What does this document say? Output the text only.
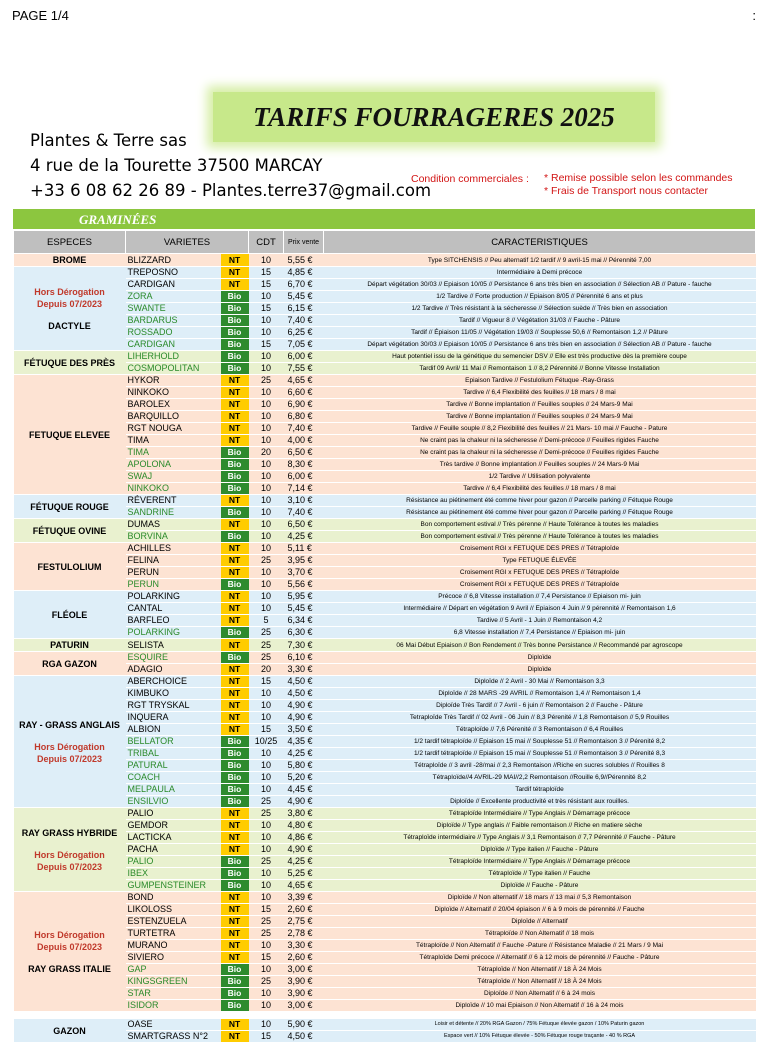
PAGE 1/4	:
TARIFS FOURRAGERES 2025
Plantes & Terre sas
4 rue de la Tourette 37500 MARCAY
+33 6 08 62 26 89 - Plantes.terre37@gmail.com
Condition commerciales : * Remise possible selon les commandes
* Frais de Transport nous contacter
GRAMINÉES
ESPECES	VARIETES		CDT	Prix vente	CARACTERISTIQUES

BROME	BLIZZARD	NT	10	5,55 €	Type SITCHENSIS // Peu alternatif 1/2 tardif // 9 avril-15 mai // Pérennité 7,00

Hors Dérogation
Depuis 07/2023
DACTYLE	TREPOSNO	NT	15	4,85 €	Intermédiaire à Demi précoce
	CARDIGAN	NT	15	6,70 €	Départ végétation 30/03 // Epiaison 10/05 // Persistance 6 ans très bien en association // Sélection AB // Pature - fauche
	ZORA	Bio	10	5,45 €	1/2 Tardive // Forte production // Epiaison 8/05 // Pérennité 6 ans et plus
	SWANTE	Bio	15	6,15 €	1/2 Tardive // Très résistant à la sécheresse // Sélection suède // Très bien en association
	BARDARUS	Bio	10	7,40 €	Tardif // Vigueur 8 // Végétation 31/03 // Fauche - Pâture
	ROSSADO	Bio	10	6,25 €	Tardif // Épiaison 11/05 // Végétation 19/03 // Souplesse 50,6 // Remontaison 1,2 // Pâture
	CARDIGAN	Bio	15	7,05 €	Départ végétation 30/03 // Epiaison 10/05 // Persistance 6 ans très bien en association // Sélection AB // Pature - fauche

FÉTUQUE DES PRÈS	LIHERHOLD	Bio	10	6,00 €	Haut potentiel issu de la génétique du semencier DSV // Elle est très productive dès la première coupe
	COSMOPOLITAN	Bio	10	7,55 €	Tardif 09 Avril/ 11 Mai // Remontaison 1 // 8,2 Pérennité // Bonne Vitesse Installation

FETUQUE ELEVEE	HYKOR	NT	25	4,65 €	Epiaison Tardive // Festulolium Fétuque -Ray-Grass
	NINKOKO	NT	10	6,60 €	Tardive // 6,4 Flexibilité des feuilles // 18 mars / 8 mai
	BAROLEX	NT	10	6,90 €	Tardive // Bonne implantation // Feuilles souples // 24 Mars-9 Mai
	BARQUILLO	NT	10	6,80 €	Tardive // Bonne implantation // Feuilles souples // 24 Mars-9 Mai
	RGT NOUGA	NT	10	7,40 €	Tardive // Feuille souple // 8,2 Flexibilité des feuilles // 21 Mars- 10 mai // Fauche - Pature
	TIMA	NT	10	4,00 €	Ne craint pas la chaleur ni la sécheresse // Demi-précoce // Feuilles rigides Fauche
	TIMA	Bio	20	6,50 €	Ne craint pas la chaleur ni la sécheresse // Demi-précoce // Feuilles rigides Fauche
	APOLONA	Bio	10	8,30 €	Très tardive // Bonne implantation // Feuilles souples // 24 Mars-9 Mai
	SWAJ	Bio	10	6,00 €	1/2 Tardive // Utilisation polyvalente
	NINKOKO	Bio	10	7,14 €	Tardive // 6,4 Flexibilité des feuilles // 18 mars / 8 mai

FÉTUQUE ROUGE	RÉVERENT	NT	10	3,10 €	Résistance au piétinement été comme hiver pour gazon // Parcelle parking // Fétuque Rouge
	SANDRINE	Bio	10	7,40 €	Résistance au piétinement été comme hiver pour gazon // Parcelle parking // Fétuque Rouge

FÉTUQUE OVINE	DUMAS	NT	10	6,50 €	Bon comportement estival // Très pérenne // Haute Tolérance à toutes les maladies
	BORVINA	Bio	10	4,25 €	Bon comportement estival // Très pérenne // Haute Tolérance à toutes les maladies

FESTULOLIUM	ACHILLES	NT	10	5,11 €	Croisement RGI x FETUQUE DES PRES // Tétraploïde
	FELINA	NT	25	3,95 €	Type FETUQUE ÉLEVÉE
	PERUN	NT	10	3,70 €	Croisement RGI x FETUQUE DES PRES // Tétraploïde
	PERUN	Bio	10	5,56 €	Croisement RGI x FETUQUE DES PRES // Tétraploïde

FLÉOLE	POLARKING	NT	10	5,95 €	Précoce // 6,8 Vitesse installation // 7,4 Persistance // Epiaison mi- juin
	CANTAL	NT	10	5,45 €	Intermédiaire // Départ en végétation 9 Avril // Epiaison 4 Juin // 9 pérennité // Remontaison 1,6
	BARFLEO	NT	5	6,34 €	Tardive // 5 Avril - 1 Juin // Remontaison 4,2
	POLARKING	Bio	25	6,30 €	6,8 Vitesse installation // 7,4 Persistance // Epiaison mi- juin

PATURIN	SELISTA	NT	25	7,30 €	06 Mai Début Epiaison // Bon Rendement // Très bonne Persistance // Recommandé par agroscope

RGA GAZON	ESQUIRE	Bio	25	6,10 €	Diploïde
	ADAGIO	NT	20	3,30 €	Diploïde

RAY - GRASS ANGLAIS
Hors Dérogation
Depuis 07/2023	ABERCHOICE	NT	15	4,50 €	Diploïde // 2 Avril - 30 Mai // Remontaison 3,3
	KIMBUKO	NT	10	4,50 €	Diploïde // 28 MARS -29 AVRIL // Remontaison 1,4 // Remontaison 1,4
	RGT TRYSKAL	NT	10	4,90 €	Diploïde Très Tardif // 7 Avril - 6 juin // Remontaison 2 // Fauche - Pâture
	INQUERA	NT	10	4,90 €	Tetraploïde Très Tardif // 02 Avril - 06 Juin // 8,3 Pérenité // 1,8 Remontaison // 5,9 Rouilles
	ALBION	NT	15	3,50 €	Tétraploïde // 7,6 Pérenité // 3 Remontaison // 6,4 Rouilles
	BELLATOR	Bio	10/25	4,35 €	1/2 tardif tétraploïde // Epiaison 15 mai // Souplesse 51 // Remontaison 3 // Pérenité 8,2
	TRIBAL	Bio	10	4,25 €	1/2 tardif tétraploïde // Epiaison 15 mai // Souplesse 51 // Remontaison 3 // Pérenité 8,3
	PATURAL	Bio	10	5,80 €	Tétraploïde // 3 avril -28/mai // 2,3 Remontaison //Riche en sucres solubles // Rouilles 8
	COACH	Bio	10	5,20 €	Tétraploïde//4 AVRIL-29 MAI//2,2 Remontaison //Rouille 6,9//Pérennité 8,2
	MELPAULA	Bio	10	4,45 €	Tardif tétraploïde
	ENSILVIO	Bio	25	4,90 €	Diploïde // Excellente productivité et très résistant aux rouilles.

RAY GRASS HYBRIDE
Hors Dérogation
Depuis 07/2023	PALIO	NT	25	3,80 €	Tétraploïde Intermédiaire // Type Anglais // Démarrage précoce
	GEMDOR	NT	10	4,80 €	Diploïde // Type anglais // Faible remontaison // Riche en matiere sèche
	LACTICKA	NT	10	4,86 €	Tétraploïde intermédiaire // Type Anglais // 3,1 Remontaison // 7,7 Pérennité // Fauche - Pâture
	PACHA	NT	10	4,90 €	Diploïde // Type italien // Fauche - Pâture
	PALIO	Bio	25	4,25 €	Tétraploïde Intermédiaire // Type Anglais // Démarrage précoce
	IBEX	Bio	10	5,25 €	Tétraploïde // Type italien // Fauche
	GUMPENSTEINER	Bio	10	4,65 €	Diploïde // Fauche - Pâture

Hors Dérogation
Depuis 07/2023
RAY GRASS ITALIE	BOND	NT	10	3,39 €	Diploïde // Non alternatif // 18 mars // 13 mai // 5,3 Remontaison
	LIKOLOSS	NT	15	2,60 €	Diploïde // Alternatif // 20/04 épiaison // 6 à 9 mois de pérennité // Fauche
	ESTENZUELA	NT	25	2,75 €	Diploïde // Alternatif
	TURTETRA	NT	25	2,78 €	Tétraploïde // Non Alternatif // 18 mois
	MURANO	NT	10	3,30 €	Tétraploïde // Non Alternatif // Fauche -Pature // Résistance Maladie // 21 Mars / 9 Mai
	SIVIERO	NT	15	2,60 €	Tétraploïde Demi précoce // Alternatif // 6 à 12 mois de pérennité // Fauche - Pâture
	GAP	Bio	10	3,00 €	Tétraploïde // Non Alternatif // 18 À 24 Mois
	KINGSGREEN	Bio	25	3,90 €	Tétraploïde // Non Alternatif // 18 À 24 Mois
	STAR	Bio	10	3,90 €	Diploïde // Non Alternatif // 6 à 24 mois
	ISIDOR	Bio	10	3,00 €	Diploïde // 10 mai Epiaison // Non Alternatif // 16 à 24 mois

GAZON	OASE	NT	10	5,90 €	Loisir et détente // 20% RGA Gazon / 75% Fétuque élevée gazon / 10% Paturin gazon
	SMARTGRASS N°2	NT	15	4,50 €	Espace vert // 10% Fétuque élevée - 50% Fétuque rouge traçante - 40 % RGA
